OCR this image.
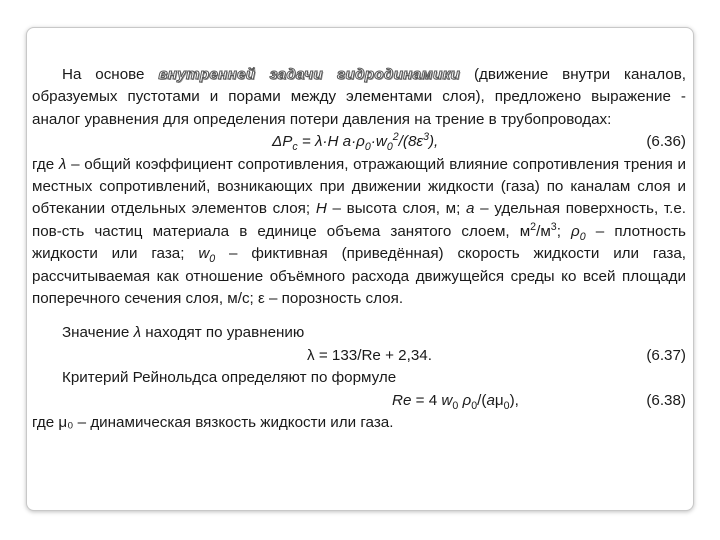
На основе внутренней задачи гидродинамики (движение внутри каналов, образуемых пустотами и порами между элементами слоя), предложено выражение - аналог уравнения для определения потери давления на трение в трубопроводах:

$\Delta P_c = \lambda\cdot H$ $a\cdot\rho_0\cdot w_0^2/(8\varepsilon^3)$,	(6.36)

где λ – общий коэффициент сопротивления, отражающий влияние сопротивления трения и местных сопротивлений, возникающих при движении жидкости (газа) по каналам слоя и обтекании отдельных элементов слоя; H – высота слоя, м; a – удельная поверхность, т.е. пов-сть частиц материала в единице объема занятого слоем, $м^2/м^3$; $\rho_0$ – плотность жидкости или газа; $w_0$ – фиктивная (приведённая) скорость жидкости или газа, рассчитываемая как отношение объёмного расхода движущейся среды ко всей площади поперечного сечения слоя, м/с; ε – порозность слоя.

Значение λ находят по уравнению

λ = 133/Re + 2,34.	(6.37)

Критерий Рейнольдса определяют по формуле

Re = 4 $w_0$ $\rho_0/(a\mu_0)$,	(6.38)

где μ₀ – динамическая вязкость жидкости или газа.
